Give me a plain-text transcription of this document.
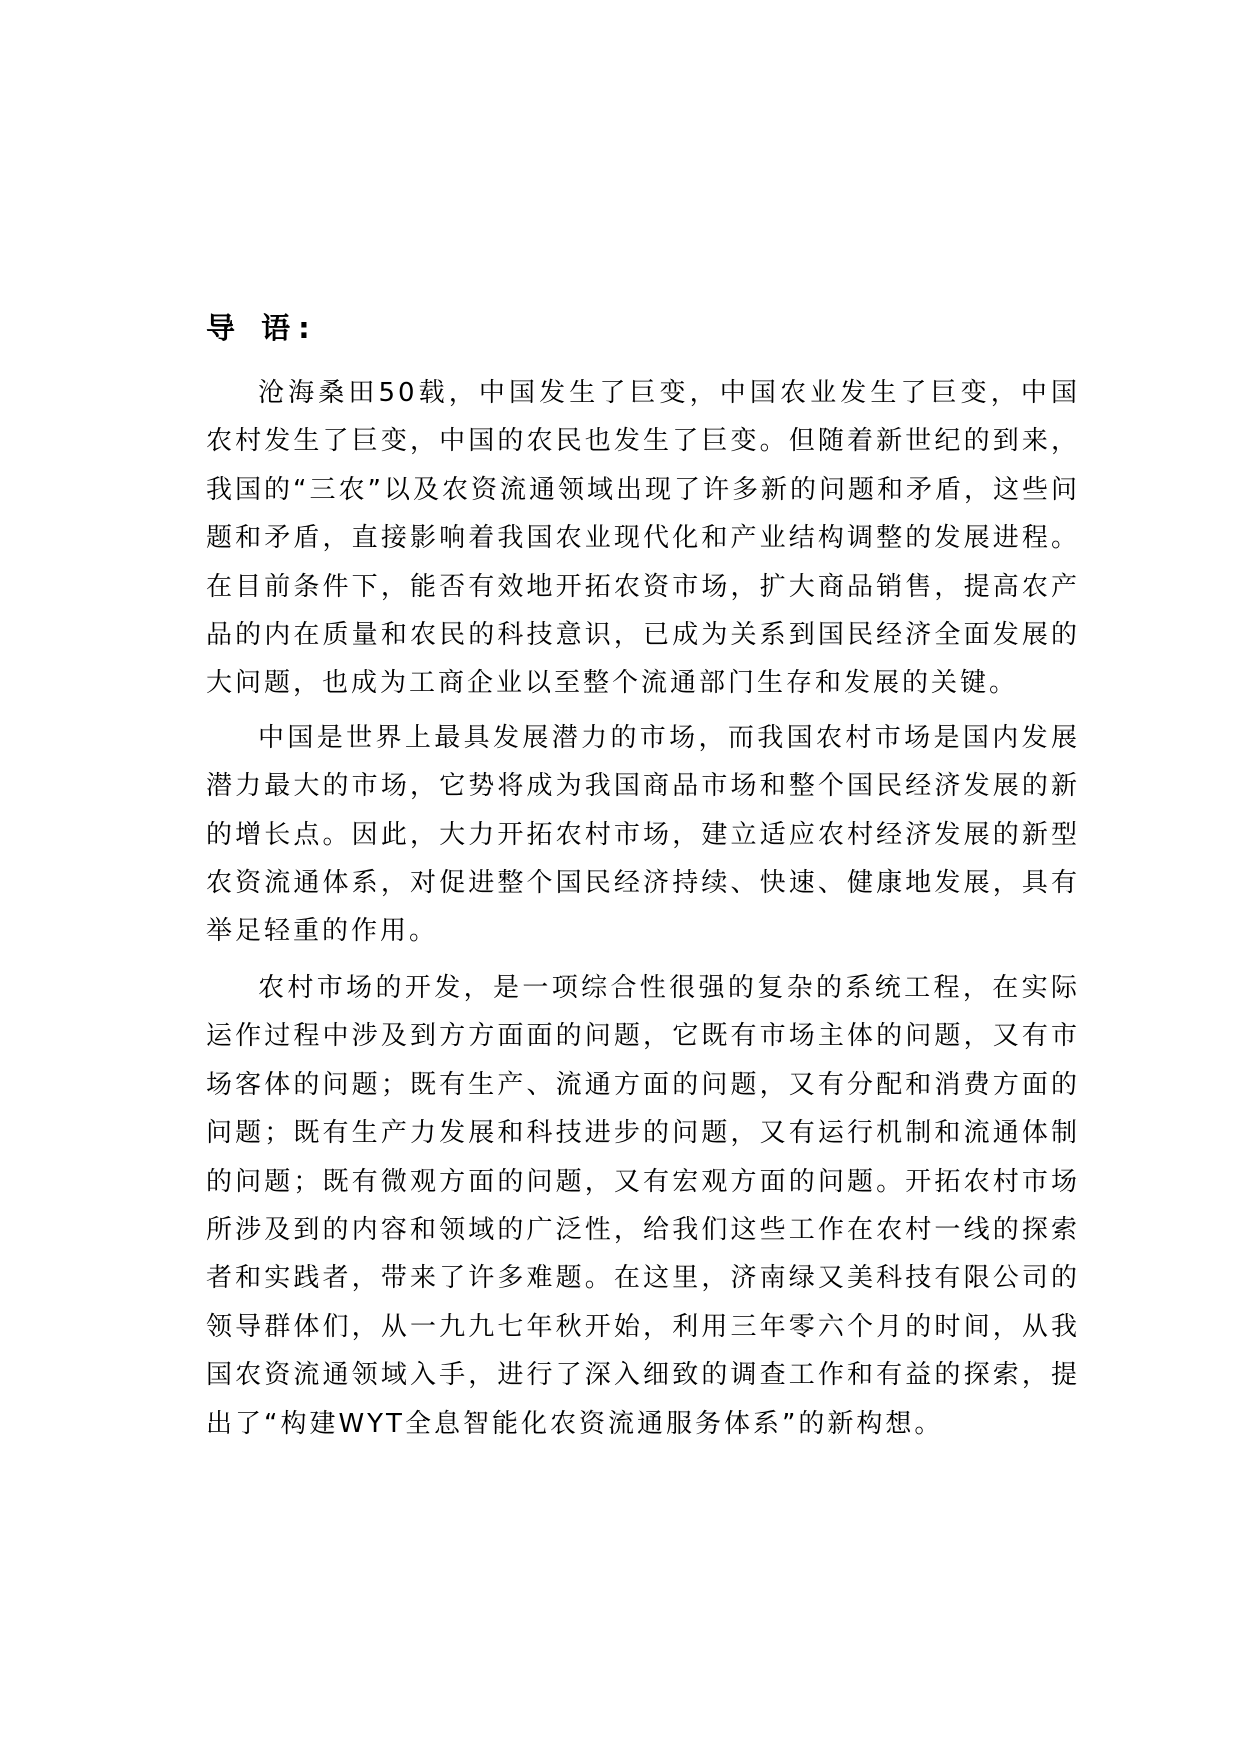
导 语:

沧海桑田50载，中国发生了巨变，中国农业发生了巨变，中国农村发生了巨变，中国的农民也发生了巨变。但随着新世纪的到来，我国的“三农”以及农资流通领域出现了许多新的问题和矛盾，这些问题和矛盾，直接影响着我国农业现代化和产业结构调整的发展进程。在目前条件下，能否有效地开拓农资市场，扩大商品销售，提高农产品的内在质量和农民的科技意识，已成为关系到国民经济全面发展的大问题，也成为工商企业以至整个流通部门生存和发展的关键。

中国是世界上最具发展潜力的市场，而我国农村市场是国内发展潜力最大的市场，它势将成为我国商品市场和整个国民经济发展的新的增长点。因此，大力开拓农村市场，建立适应农村经济发展的新型农资流通体系，对促进整个国民经济持续、快速、健康地发展，具有举足轻重的作用。

农村市场的开发，是一项综合性很强的复杂的系统工程，在实际运作过程中涉及到方方面面的问题，它既有市场主体的问题，又有市场客体的问题；既有生产、流通方面的问题，又有分配和消费方面的问题；既有生产力发展和科技进步的问题，又有运行机制和流通体制的问题；既有微观方面的问题，又有宏观方面的问题。开拓农村市场所涉及到的内容和领域的广泛性，给我们这些工作在农村一线的探索者和实践者，带来了许多难题。在这里，济南绿又美科技有限公司的领导群体们，从一九九七年秋开始，利用三年零六个月的时间，从我国农资流通领域入手，进行了深入细致的调查工作和有益的探索，提出了“构建WYT全息智能化农资流通服务体系”的新构想。
